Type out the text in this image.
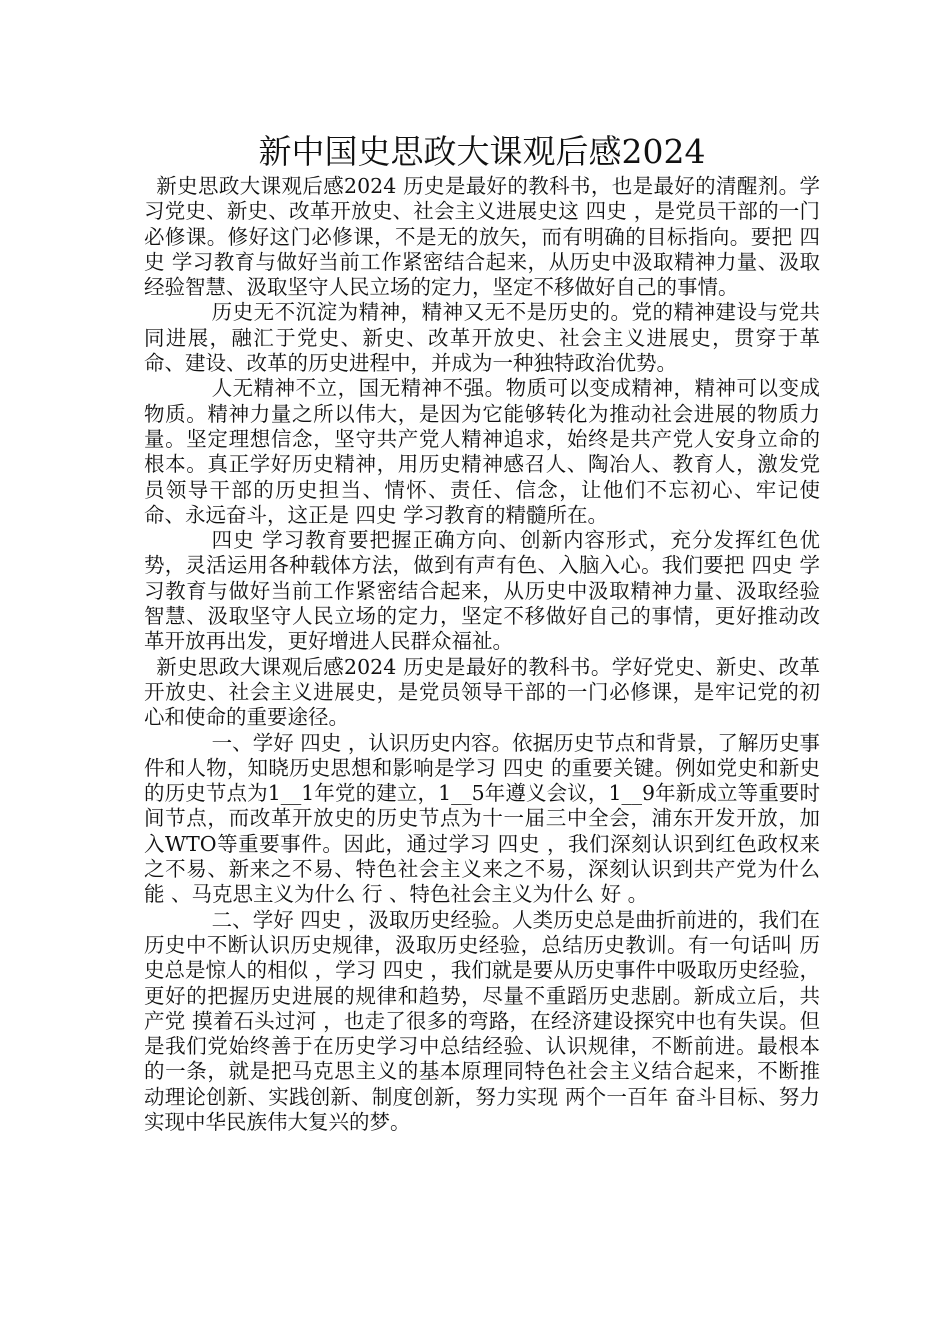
新中国史思政大课观后感2024

新史思政大课观后感2024 历史是最好的教科书，也是最好的清醒剂。学习党史、新史、改革开放史、社会主义进展史这 四史 ，是党员干部的一门必修课。修好这门必修课，不是无的放矢，而有明确的目标指向。要把 四史 学习教育与做好当前工作紧密结合起来，从历史中汲取精神力量、汲取经验智慧、汲取坚守人民立场的定力，坚定不移做好自己的事情。

历史无不沉淀为精神，精神又无不是历史的。党的精神建设与党共同进展，融汇于党史、新史、改革开放史、社会主义进展史，贯穿于革命、建设、改革的历史进程中，并成为一种独特政治优势。

人无精神不立，国无精神不强。物质可以变成精神，精神可以变成物质。精神力量之所以伟大，是因为它能够转化为推动社会进展的物质力量。坚定理想信念，坚守共产党人精神追求，始终是共产党人安身立命的根本。真正学好历史精神，用历史精神感召人、陶冶人、教育人，激发党员领导干部的历史担当、情怀、责任、信念，让他们不忘初心、牢记使命、永远奋斗，这正是 四史 学习教育的精髓所在。

四史 学习教育要把握正确方向、创新内容形式，充分发挥红色优势，灵活运用各种载体方法，做到有声有色、入脑入心。我们要把 四史 学习教育与做好当前工作紧密结合起来，从历史中汲取精神力量、汲取经验智慧、汲取坚守人民立场的定力，坚定不移做好自己的事情，更好推动改革开放再出发，更好增进人民群众福祉。

新史思政大课观后感2024 历史是最好的教科书。学好党史、新史、改革开放史、社会主义进展史，是党员领导干部的一门必修课，是牢记党的初心和使命的重要途径。

一、学好 四史 ，认识历史内容。依据历史节点和背景，了解历史事件和人物，知晓历史思想和影响是学习 四史 的重要关键。例如党史和新史的历史节点为1__1年党的建立，1__5年遵义会议，1__9年新成立等重要时间节点，而改革开放史的历史节点为十一届三中全会，浦东开发开放，加入WTO等重要事件。因此，通过学习 四史 ，我们深刻认识到红色政权来之不易、新来之不易、特色社会主义来之不易，深刻认识到共产党为什么 能 、马克思主义为什么 行 、特色社会主义为什么 好 。

二、学好 四史 ，汲取历史经验。人类历史总是曲折前进的，我们在历史中不断认识历史规律，汲取历史经验，总结历史教训。有一句话叫 历史总是惊人的相似 ，学习 四史 ，我们就是要从历史事件中吸取历史经验，更好的把握历史进展的规律和趋势，尽量不重蹈历史悲剧。新成立后，共产党 摸着石头过河 ，也走了很多的弯路，在经济建设探究中也有失误。但是我们党始终善于在历史学习中总结经验、认识规律，不断前进。最根本的一条，就是把马克思主义的基本原理同特色社会主义结合起来，不断推动理论创新、实践创新、制度创新，努力实现 两个一百年 奋斗目标、努力实现中华民族伟大复兴的梦。
